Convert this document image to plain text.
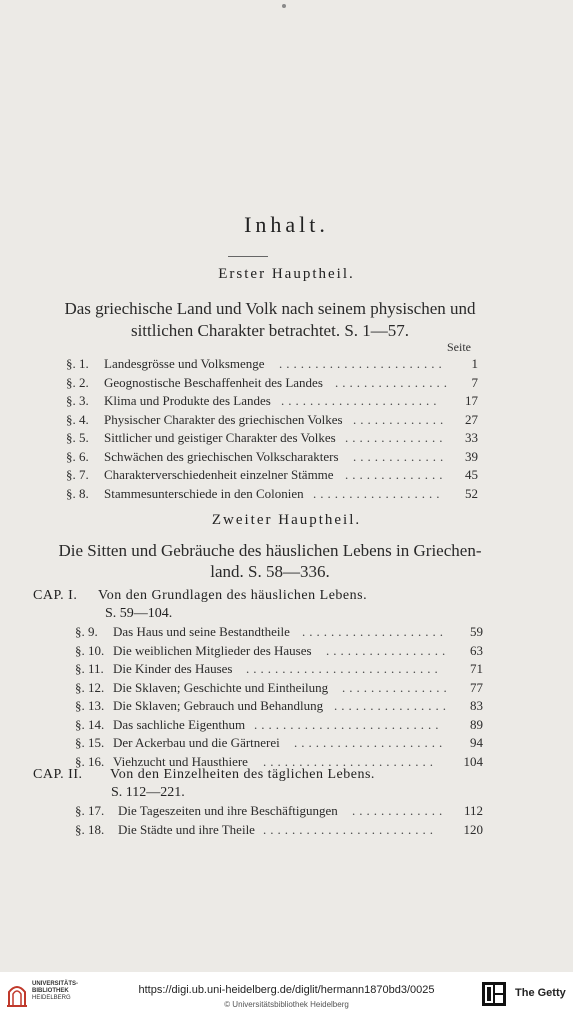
Inhalt.
Erster Hauptheil.
Das griechische Land und Volk nach seinem physischen und
sittlichen Charakter betrachtet. S. 1—57.
Seite
§. 1. Landesgrösse und Volksmenge	1
.......................
§. 2. Geognostische Beschaffenheit des Landes	7
................
§. 3. Klima und Produkte des Landes	17
......................
§. 4. Physischer Charakter des griechischen Volkes	27
.............
§. 5. Sittlicher und geistiger Charakter des Volkes	33
..............
§. 6. Schwächen des griechischen Volkscharakters	39
.............
§. 7. Charakterverschiedenheit einzelner Stämme	45
..............
§. 8. Stammesunterschiede in den Colonien	52
..................
Zweiter Hauptheil.
Die Sitten und Gebräuche des häuslichen Lebens in Griechen-
land. S. 58—336.
CAP. I. Von den Grundlagen des häuslichen Lebens.
S. 59—104.
§. 9. Das Haus und seine Bestandtheile	59
....................
§. 10. Die weiblichen Mitglieder des Hauses	63
.................
§. 11. Die Kinder des Hauses	71
...........................
§. 12. Die Sklaven; Geschichte und Eintheilung	77
...............
§. 13. Die Sklaven; Gebrauch und Behandlung	83
................
§. 14. Das sachliche Eigenthum	89
..........................
§. 15. Der Ackerbau und die Gärtnerei	94
.....................
§. 16. Viehzucht und Hausthiere	104
........................
CAP. II. Von den Einzelheiten des täglichen Lebens.
S. 112—221.
§. 17. Die Tageszeiten und ihre Beschäftigungen	112
.............
§. 18. Die Städte und ihre Theile	120
........................
UNIVERSITÄTS-
BIBLIOTHEK
HEIDELBERG
https://digi.ub.uni-heidelberg.de/diglit/hermann1870bd3/0025
© Universitätsbibliothek Heidelberg
The Getty
